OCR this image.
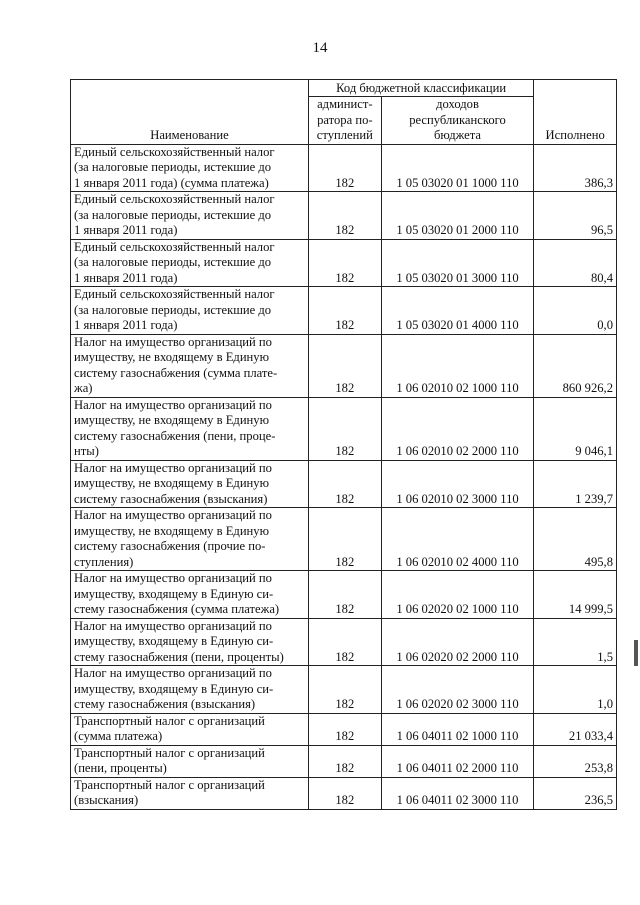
14
Наименование	Код бюджетной классификации		Исполнено
	админист-
ратора по-
ступлений	доходов
республиканского
бюджета	
Единый сельскохозяйственный налог
(за налоговые периоды, истекшие до
1 января 2011 года) (сумма платежа)	182	1 05 03020 01 1000 110	386,3
Единый сельскохозяйственный налог
(за налоговые периоды, истекшие до
1 января 2011 года)	182	1 05 03020 01 2000 110	96,5
Единый сельскохозяйственный налог
(за налоговые периоды, истекшие до
1 января 2011 года)	182	1 05 03020 01 3000 110	80,4
Единый сельскохозяйственный налог
(за налоговые периоды, истекшие до
1 января 2011 года)	182	1 05 03020 01 4000 110	0,0
Налог на имущество организаций по
имуществу, не входящему в Единую
систему газоснабжения (сумма плате-
жа)	182	1 06 02010 02 1000 110	860 926,2
Налог на имущество организаций по
имуществу, не входящему в Единую
систему газоснабжения (пени, проце-
нты)	182	1 06 02010 02 2000 110	9 046,1
Налог на имущество организаций по
имуществу, не входящему в Единую
систему газоснабжения (взыскания)	182	1 06 02010 02 3000 110	1 239,7
Налог на имущество организаций по
имуществу, не входящему в Единую
систему газоснабжения (прочие по-
ступления)	182	1 06 02010 02 4000 110	495,8
Налог на имущество организаций по
имуществу, входящему в Единую си-
стему газоснабжения (сумма платежа)	182	1 06 02020 02 1000 110	14 999,5
Налог на имущество организаций по
имуществу, входящему в Единую си-
стему газоснабжения (пени, проценты)	182	1 06 02020 02 2000 110	1,5
Налог на имущество организаций по
имуществу, входящему в Единую си-
стему газоснабжения (взыскания)	182	1 06 02020 02 3000 110	1,0
Транспортный налог с организаций
(сумма платежа)	182	1 06 04011 02 1000 110	21 033,4
Транспортный налог с организаций
(пени, проценты)	182	1 06 04011 02 2000 110	253,8
Транспортный налог с организаций
(взыскания)	182	1 06 04011 02 3000 110	236,5
